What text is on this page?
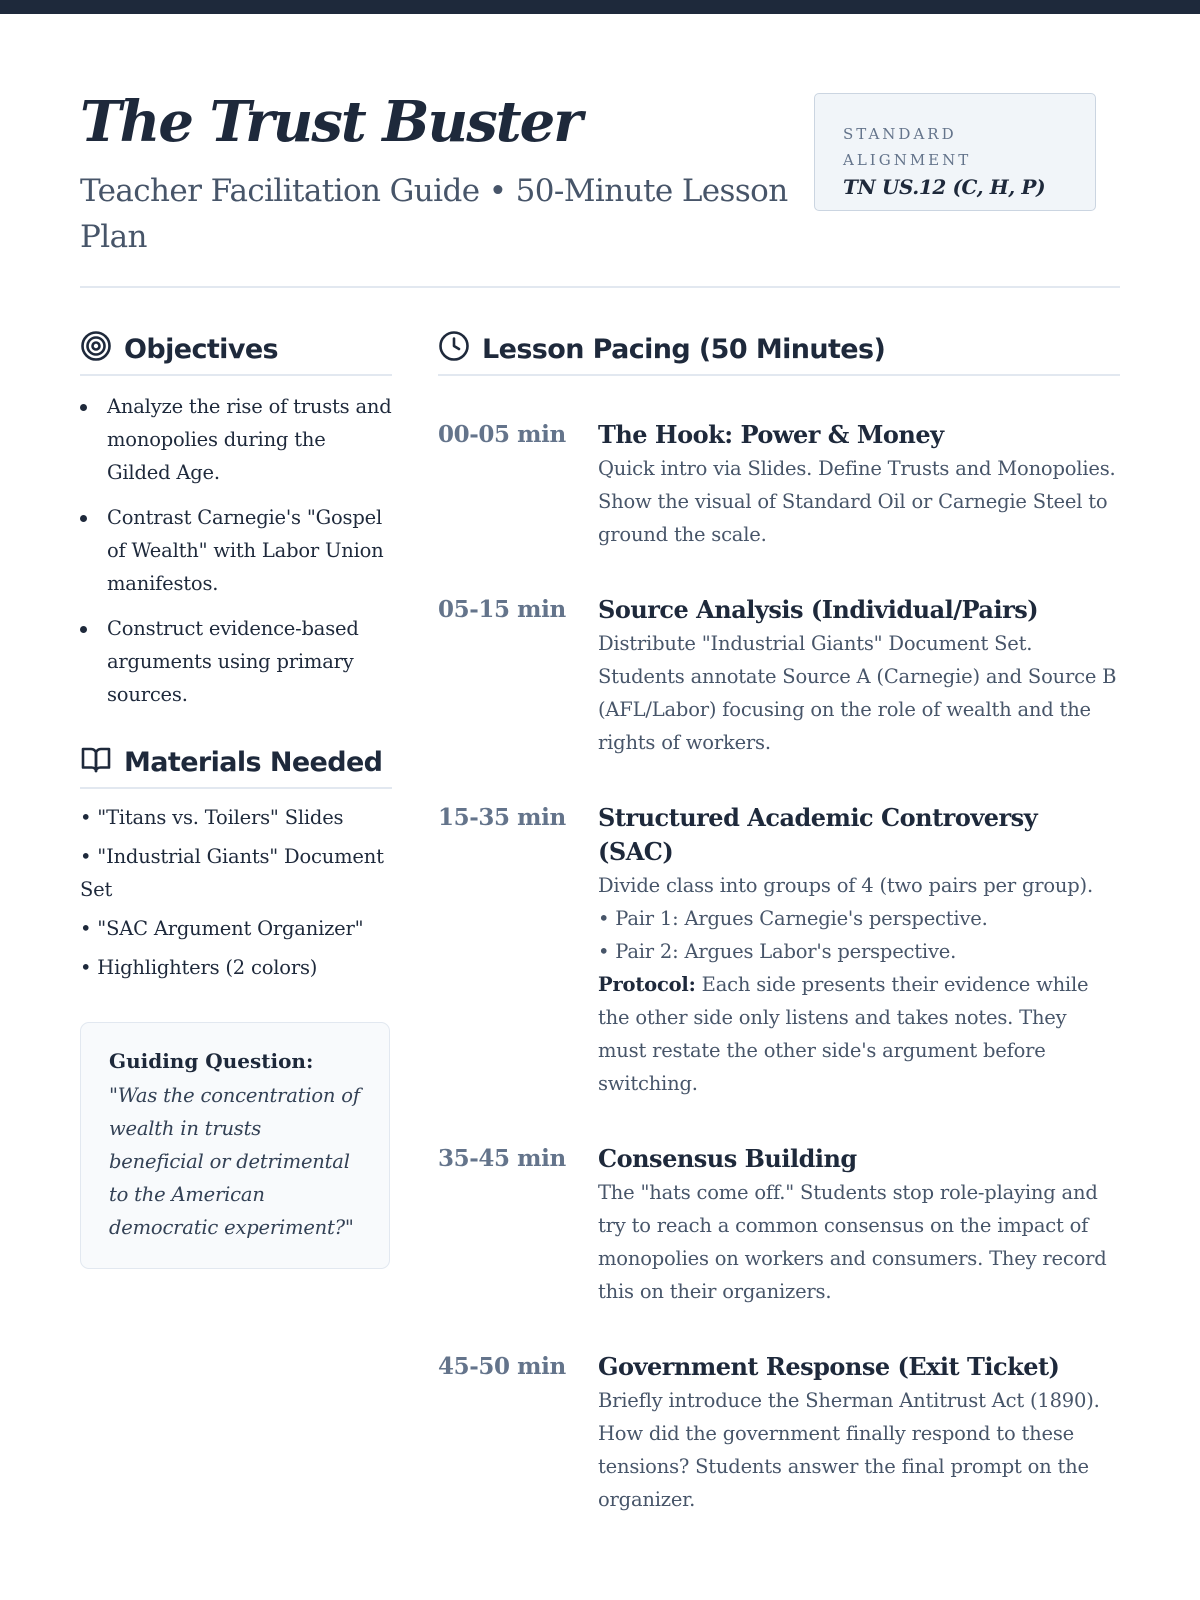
The Trust Buster
Teacher Facilitation Guide • 50-Minute Lesson Plan
STANDARD ALIGNMENT
TN US.12 (C, H, P)
Objectives
Analyze the rise of trusts and monopolies during the Gilded Age.
Contrast Carnegie's "Gospel of Wealth" with Labor Union manifestos.
Construct evidence-based arguments using primary sources.
Materials Needed
• "Titans vs. Toilers" Slides
• "Industrial Giants" Document Set
• "SAC Argument Organizer"
• Highlighters (2 colors)
Guiding Question:
"Was the concentration of wealth in trusts beneficial or detrimental to the American democratic experiment?"
Lesson Pacing (50 Minutes)
00-05 min	The Hook: Power & Money
Quick intro via Slides. Define Trusts and Monopolies. Show the visual of Standard Oil or Carnegie Steel to ground the scale.
05-15 min	Source Analysis (Individual/Pairs)
Distribute "Industrial Giants" Document Set. Students annotate Source A (Carnegie) and Source B (AFL/Labor) focusing on the role of wealth and the rights of workers.
15-35 min	Structured Academic Controversy (SAC)
Divide class into groups of 4 (two pairs per group).
• Pair 1: Argues Carnegie's perspective.
• Pair 2: Argues Labor's perspective.
Protocol: Each side presents their evidence while the other side only listens and takes notes. They must restate the other side's argument before switching.
35-45 min	Consensus Building
The "hats come off." Students stop role-playing and try to reach a common consensus on the impact of monopolies on workers and consumers. They record this on their organizers.
45-50 min	Government Response (Exit Ticket)
Briefly introduce the Sherman Antitrust Act (1890). How did the government finally respond to these tensions? Students answer the final prompt on the organizer.
